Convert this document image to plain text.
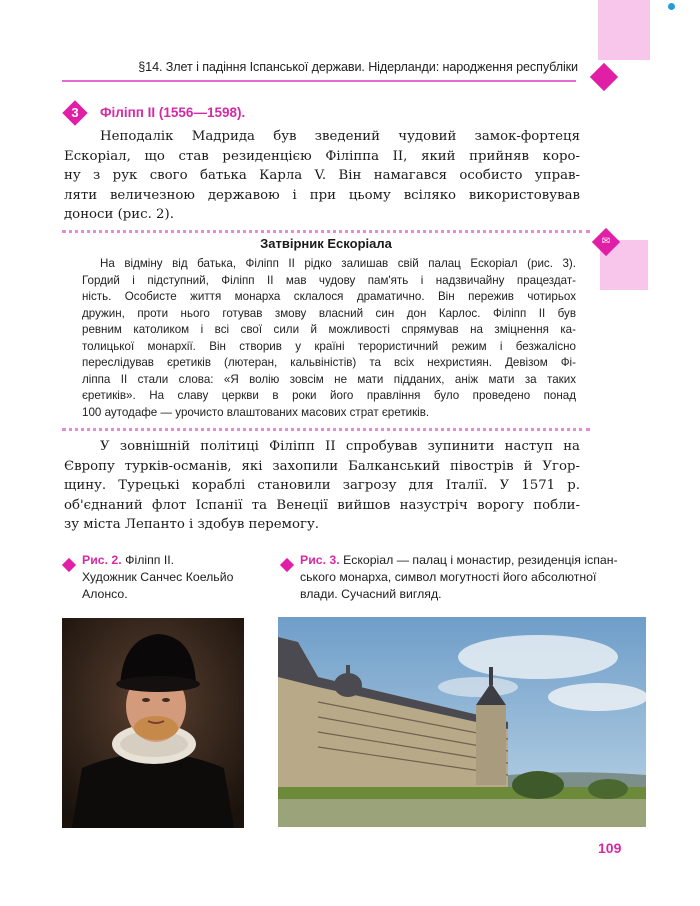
§14. Злет і падіння Іспанської держави. Нідерланди: народження республіки
3	Філіпп ІІ (1556—1598).
Неподалік Мадрида був зведений чудовий замок-фортеця
Ескоріал, що став резиденцією Філіппа II, який прийняв коро-
ну з рук свого батька Карла V. Він намагався особисто управ-
ляти величезною державою і при цьому всіляко використовував
доноси (рис. 2).
✉
Затвірник Ескоріала
На відміну від батька, Філіпп ІІ рідко залишав свій палац Ескоріал (рис. 3).
Гордий і підступний, Філіпп ІІ мав чудову пам'ять і надзвичайну працездат-
ність. Особисте життя монарха склалося драматично. Він пережив чотирьох
дружин, проти нього готував змову власний син дон Карлос. Філіпп ІІ був
ревним католиком і всі свої сили й можливості спрямував на зміцнення ка-
толицької монархії. Він створив у країні терористичний режим і безжалісно
переслідував єретиків (лютеран, кальвіністів) та всіх нехристиян. Девізом Фі-
ліппа ІІ стали слова: «Я волію зовсім не мати підданих, аніж мати за таких
єретиків». На славу церкви в роки його правління було проведено понад
100 аутодафе — урочисто влаштованих масових страт єретиків.
У зовнішній політиці Філіпп II спробував зупинити наступ на
Європу турків-османів, які захопили Балканський півострів й Угор-
щину. Турецькі кораблі становили загрозу для Італії. У 1571 р.
об'єднаний флот Іспанії та Венеції вийшов назустріч ворогу побли-
зу міста Лепанто і здобув перемогу.
Рис. 2. Філіпп ІІ.
Художник Санчес Коельйо
Алонсо.
Рис. 3. Ескоріал — палац і монастир, резиденція іспан-
ського монарха, символ могутності його абсолютної
влади. Сучасний вигляд.
109
